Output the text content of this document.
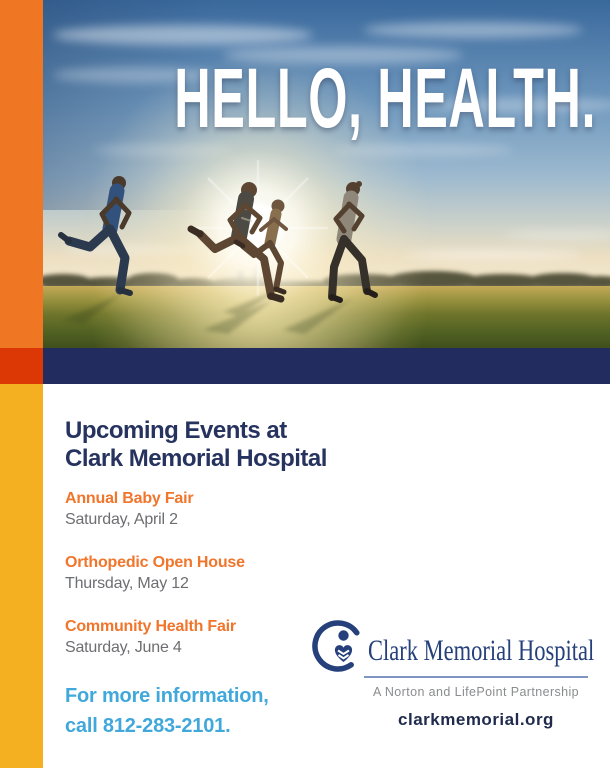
HELLO, HEALTH.
Upcoming Events at
Clark Memorial Hospital
Annual Baby Fair
Saturday, April 2
Orthopedic Open House
Thursday, May 12
Community Health Fair
Saturday, June 4
For more information,
call 812-283-2101.
Clark Memorial Hospital
A Norton and LifePoint Partnership
clarkmemorial.org
